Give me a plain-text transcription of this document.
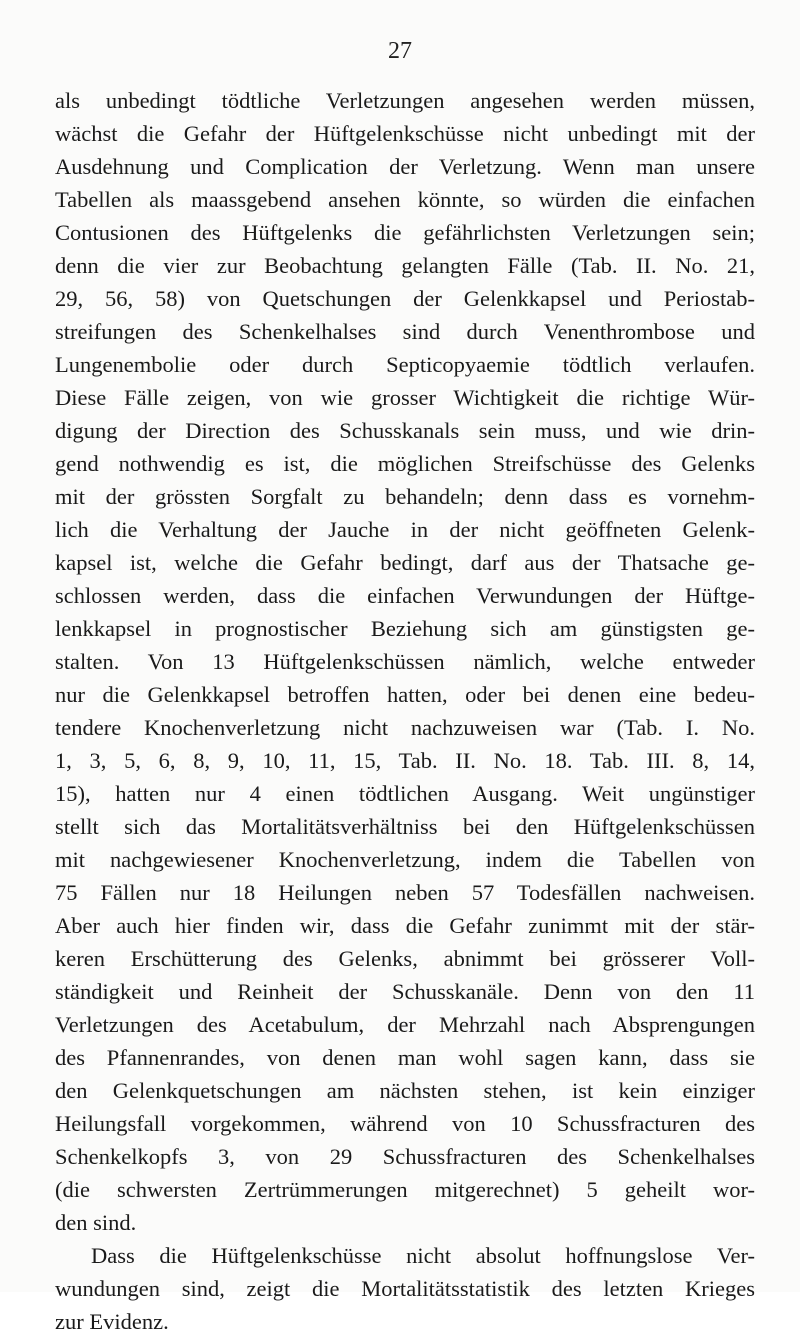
27
als unbedingt tödtliche Verletzungen angesehen werden müssen,
wächst die Gefahr der Hüftgelenkschüsse nicht unbedingt mit der
Ausdehnung und Complication der Verletzung. Wenn man unsere
Tabellen als maassgebend ansehen könnte, so würden die einfachen
Contusionen des Hüftgelenks die gefährlichsten Verletzungen sein;
denn die vier zur Beobachtung gelangten Fälle (Tab. II. No. 21,
29, 56, 58) von Quetschungen der Gelenkkapsel und Periostab-
streifungen des Schenkelhalses sind durch Venenthrombose und
Lungenembolie oder durch Septicopyaemie tödtlich verlaufen.
Diese Fälle zeigen, von wie grosser Wichtigkeit die richtige Wür-
digung der Direction des Schusskanals sein muss, und wie drin-
gend nothwendig es ist, die möglichen Streifschüsse des Gelenks
mit der grössten Sorgfalt zu behandeln; denn dass es vornehm-
lich die Verhaltung der Jauche in der nicht geöffneten Gelenk-
kapsel ist, welche die Gefahr bedingt, darf aus der Thatsache ge-
schlossen werden, dass die einfachen Verwundungen der Hüftge-
lenkkapsel in prognostischer Beziehung sich am günstigsten ge-
stalten. Von 13 Hüftgelenkschüssen nämlich, welche entweder
nur die Gelenkkapsel betroffen hatten, oder bei denen eine bedeu-
tendere Knochenverletzung nicht nachzuweisen war (Tab. I. No.
1, 3, 5, 6, 8, 9, 10, 11, 15, Tab. II. No. 18. Tab. III. 8, 14,
15), hatten nur 4 einen tödtlichen Ausgang. Weit ungünstiger
stellt sich das Mortalitätsverhältniss bei den Hüftgelenkschüssen
mit nachgewiesener Knochenverletzung, indem die Tabellen von
75 Fällen nur 18 Heilungen neben 57 Todesfällen nachweisen.
Aber auch hier finden wir, dass die Gefahr zunimmt mit der stär-
keren Erschütterung des Gelenks, abnimmt bei grösserer Voll-
ständigkeit und Reinheit der Schusskanäle. Denn von den 11
Verletzungen des Acetabulum, der Mehrzahl nach Absprengungen
des Pfannenrandes, von denen man wohl sagen kann, dass sie
den Gelenkquetschungen am nächsten stehen, ist kein einziger
Heilungsfall vorgekommen, während von 10 Schussfracturen des
Schenkelkopfs 3, von 29 Schussfracturen des Schenkelhalses
(die schwersten Zertrümmerungen mitgerechnet) 5 geheilt wor-
den sind.
Dass die Hüftgelenkschüsse nicht absolut hoffnungslose Ver-
wundungen sind, zeigt die Mortalitätsstatistik des letzten Krieges
zur Evidenz.
